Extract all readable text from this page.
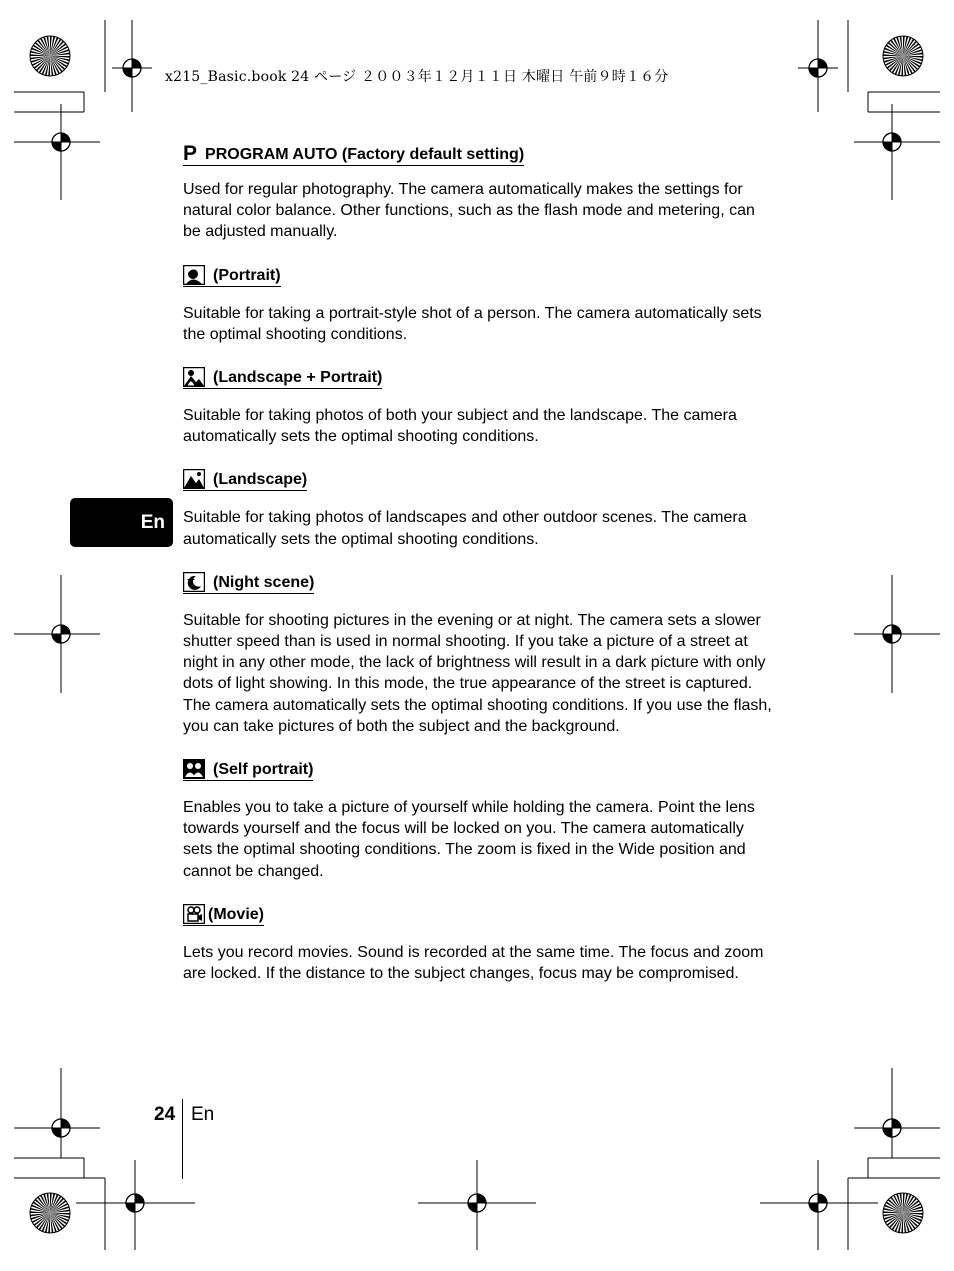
x215_Basic.book 24 ページ ２００３年１２月１１日 木曜日 午前９時１６分
En
P PROGRAM AUTO (Factory default setting)

Used for regular photography. The camera automatically makes the settings for natural color balance. Other functions, such as the flash mode and metering, can be adjusted manually.

(Portrait)

Suitable for taking a portrait-style shot of a person. The camera automatically sets the optimal shooting conditions.

(Landscape + Portrait)

Suitable for taking photos of both your subject and the landscape. The camera automatically sets the optimal shooting conditions.

(Landscape)

Suitable for taking photos of landscapes and other outdoor scenes. The camera automatically sets the optimal shooting conditions.

(Night scene)

Suitable for shooting pictures in the evening or at night. The camera sets a slower shutter speed than is used in normal shooting. If you take a picture of a street at night in any other mode, the lack of brightness will result in a dark picture with only dots of light showing. In this mode, the true appearance of the street is captured. The camera automatically sets the optimal shooting conditions. If you use the flash, you can take pictures of both the subject and the background.

(Self portrait)

Enables you to take a picture of yourself while holding the camera. Point the lens towards yourself and the focus will be locked on you. The camera automatically sets the optimal shooting conditions. The zoom is fixed in the Wide position and cannot be changed.

(Movie)

Lets you record movies. Sound is recorded at the same time. The focus and zoom are locked. If the distance to the subject changes, focus may be compromised.

24 En
